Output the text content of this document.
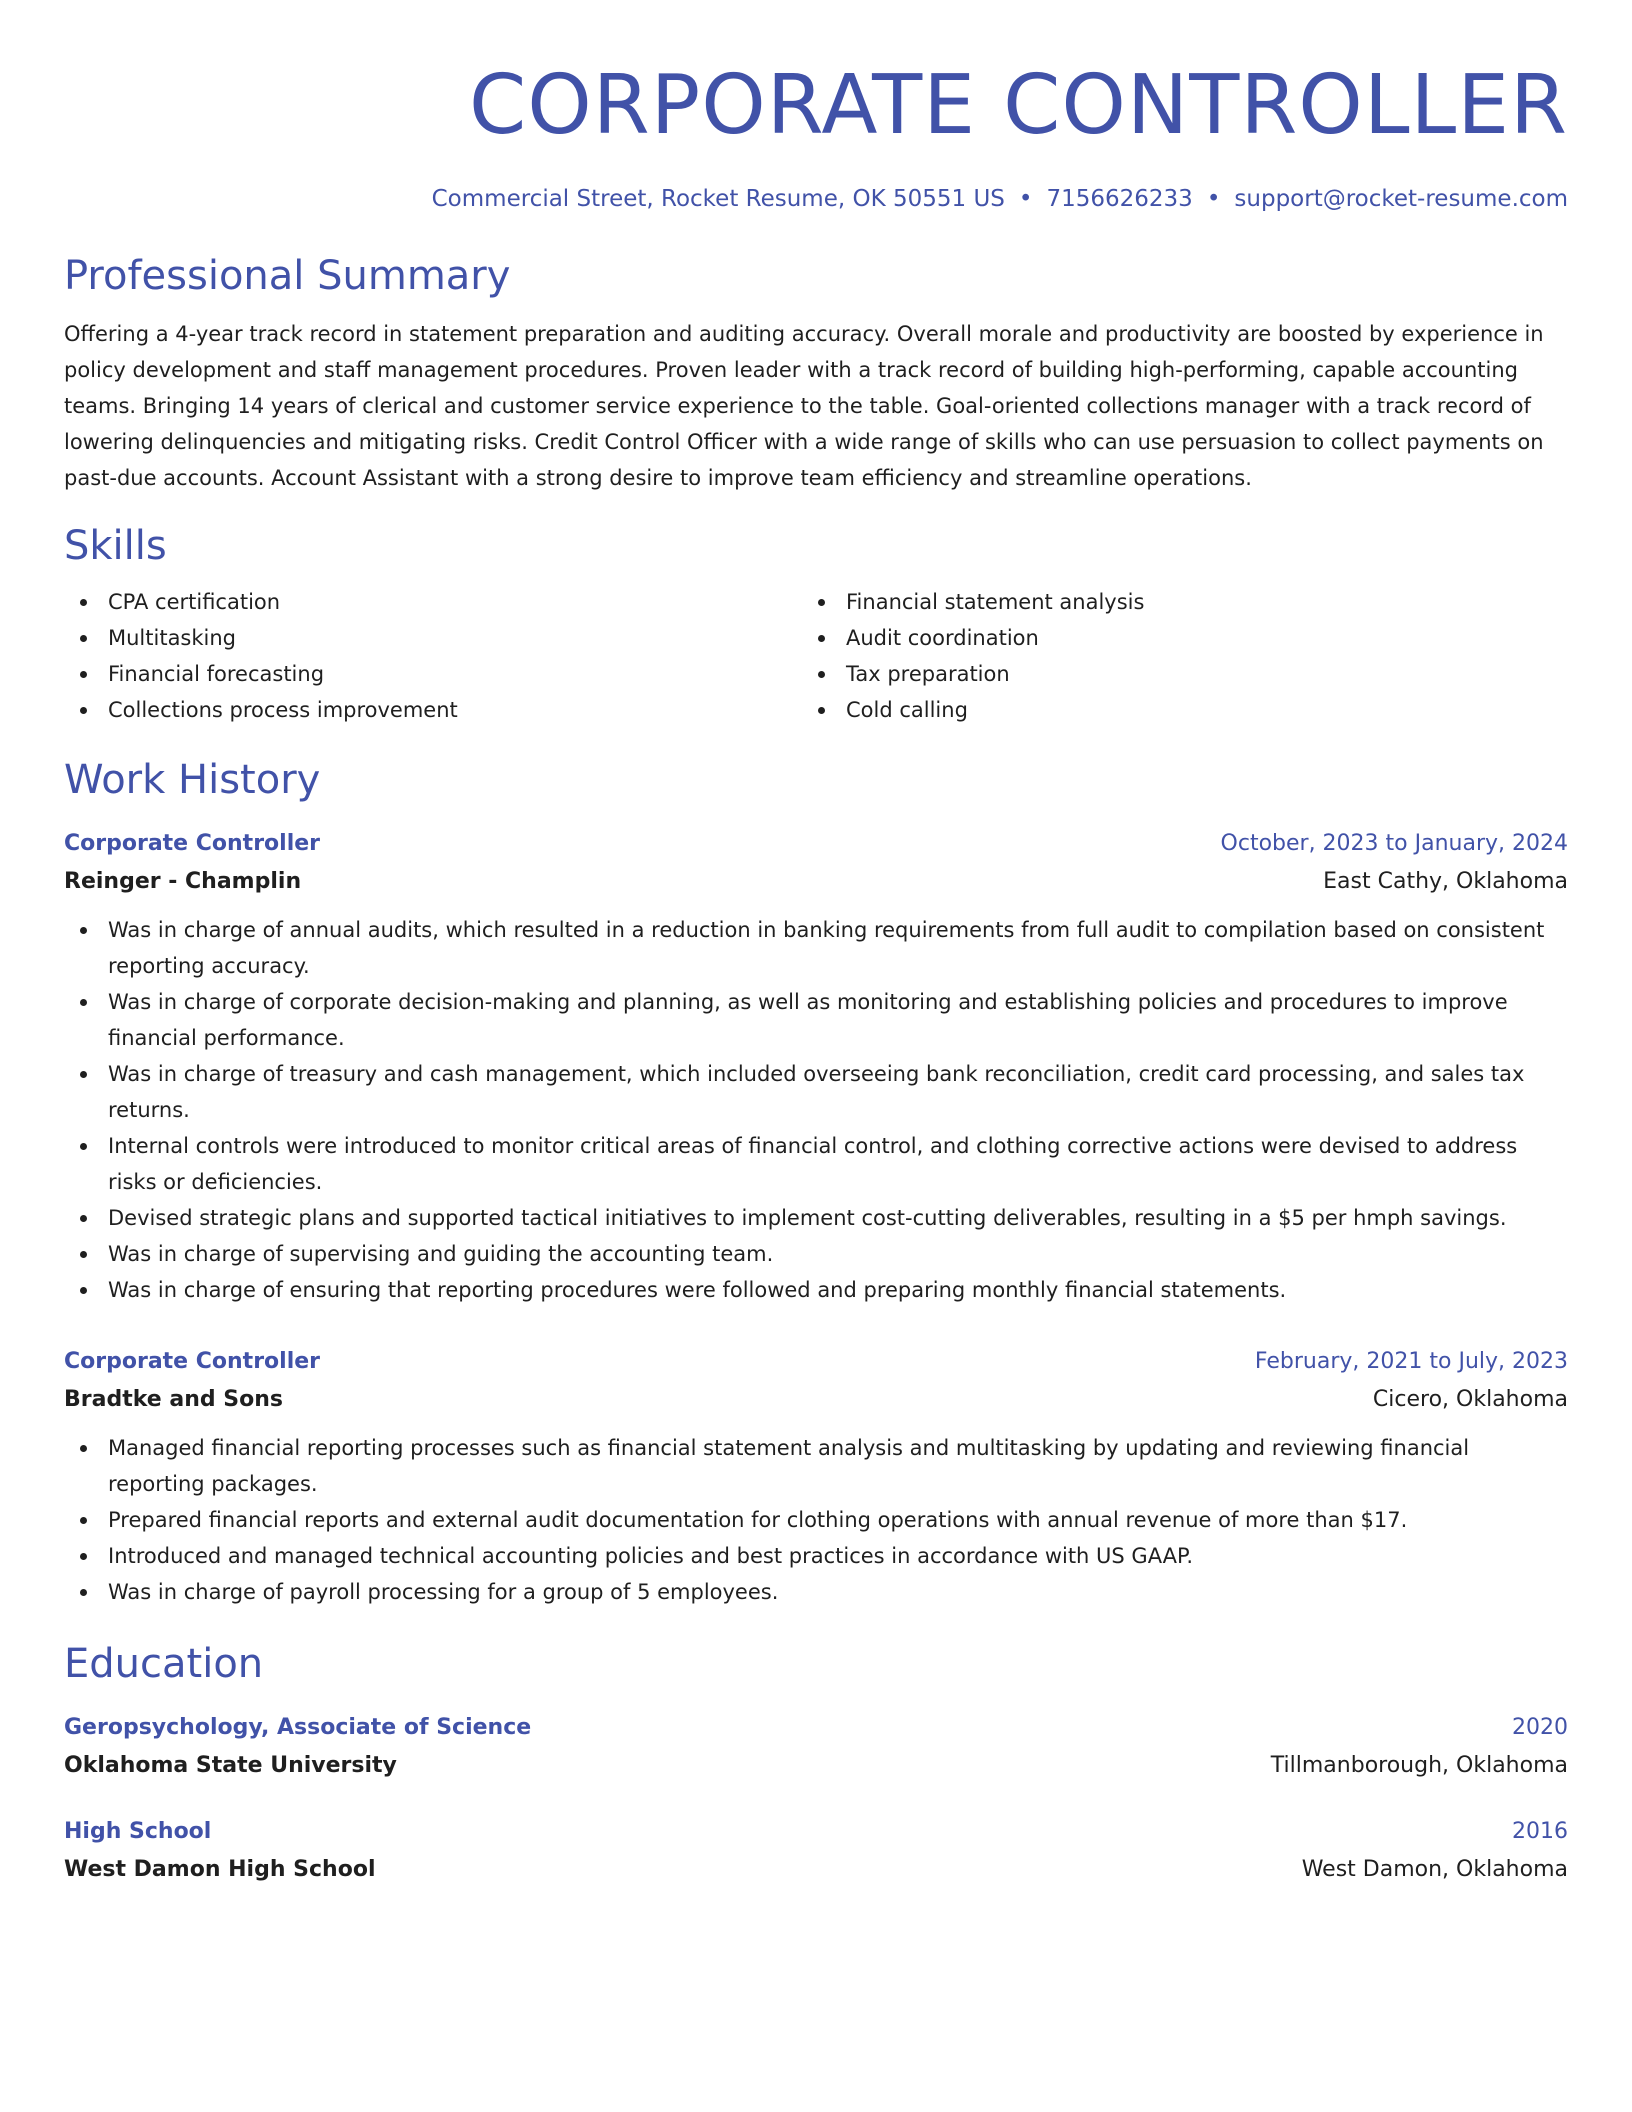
CORPORATE CONTROLLER
Commercial Street, Rocket Resume, OK 50551 US • 7156626233 • support@rocket-resume.com
Professional Summary
Offering a 4-year track record in statement preparation and auditing accuracy. Overall morale and productivity are boosted by experience in policy development and staff management procedures. Proven leader with a track record of building high-performing, capable accounting teams. Bringing 14 years of clerical and customer service experience to the table. Goal-oriented collections manager with a track record of lowering delinquencies and mitigating risks. Credit Control Officer with a wide range of skills who can use persuasion to collect payments on past-due accounts. Account Assistant with a strong desire to improve team efficiency and streamline operations.
Skills
CPA certification
Multitasking
Financial forecasting
Collections process improvement
Financial statement analysis
Audit coordination
Tax preparation
Cold calling
Work History
Corporate Controller	October, 2023 to January, 2024
Reinger - Champlin	East Cathy, Oklahoma
Was in charge of annual audits, which resulted in a reduction in banking requirements from full audit to compilation based on consistent reporting accuracy.
Was in charge of corporate decision-making and planning, as well as monitoring and establishing policies and procedures to improve financial performance.
Was in charge of treasury and cash management, which included overseeing bank reconciliation, credit card processing, and sales tax returns.
Internal controls were introduced to monitor critical areas of financial control, and clothing corrective actions were devised to address risks or deficiencies.
Devised strategic plans and supported tactical initiatives to implement cost-cutting deliverables, resulting in a $5 per hmph savings.
Was in charge of supervising and guiding the accounting team.
Was in charge of ensuring that reporting procedures were followed and preparing monthly financial statements.
Corporate Controller	February, 2021 to July, 2023
Bradtke and Sons	Cicero, Oklahoma
Managed financial reporting processes such as financial statement analysis and multitasking by updating and reviewing financial reporting packages.
Prepared financial reports and external audit documentation for clothing operations with annual revenue of more than $17.
Introduced and managed technical accounting policies and best practices in accordance with US GAAP.
Was in charge of payroll processing for a group of 5 employees.
Education
Geropsychology, Associate of Science	2020
Oklahoma State University	Tillmanborough, Oklahoma
High School	2016
West Damon High School	West Damon, Oklahoma
